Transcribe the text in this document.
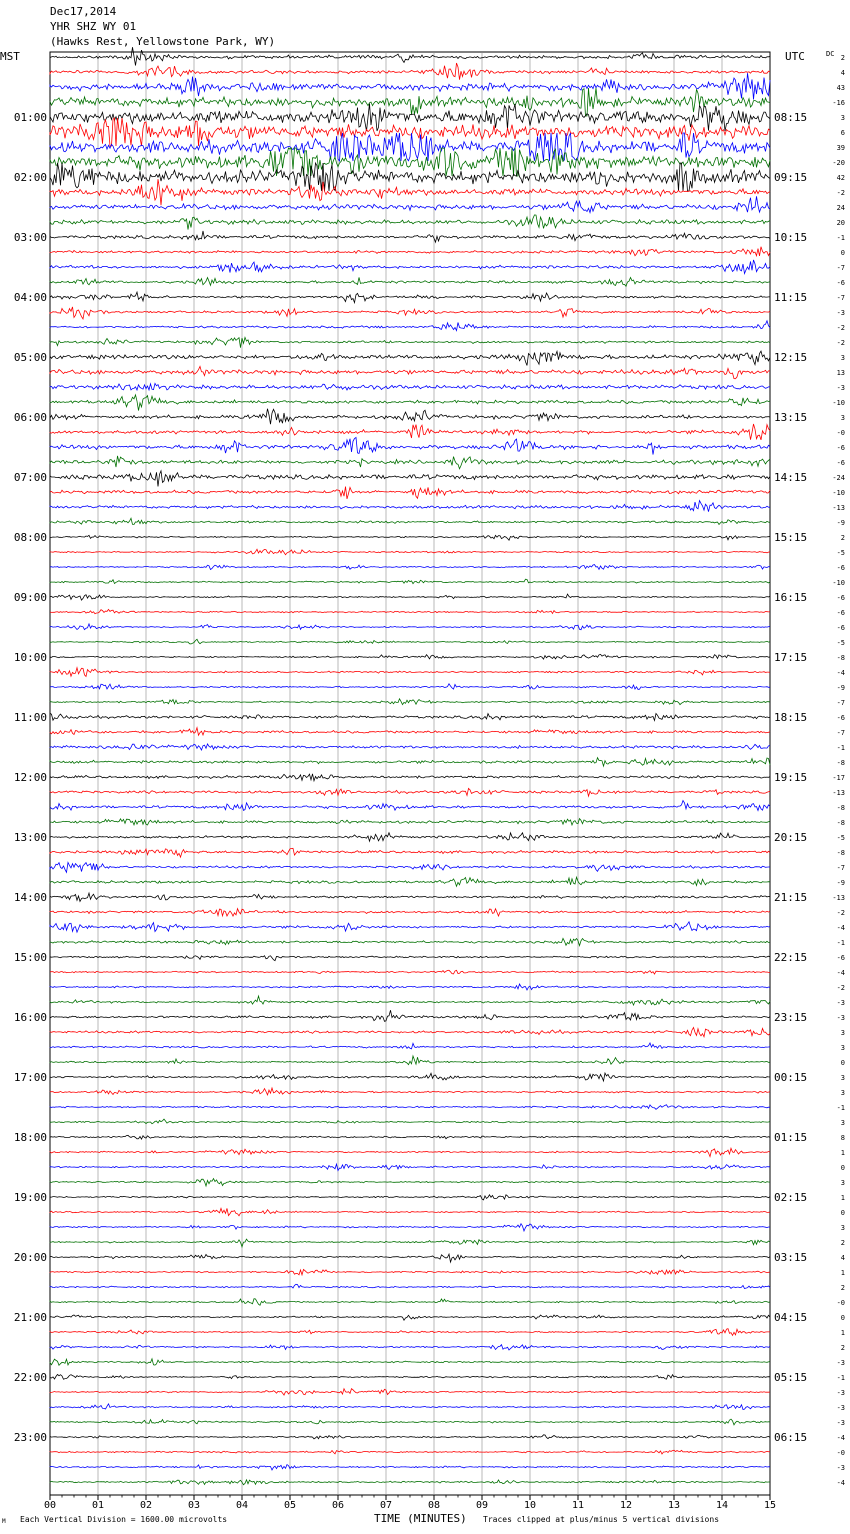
00	01	02	03	04	05	06	07	08	09	10	11	12	13	14	15
2
4
43
-16
3
6
39
-20
42
-2
24
20
-1
0
-7
-6
-7
-3
-2
-2
3
13
-3
-10
3
-0
-6
-6
-24
-10
-13
-9
2
-5
-6
-10
-6
-6
-6
-5
-8
-4
-9
-7
-6
-7
-1
-8
-17
-13
-8
-8
-5
-8
-7
-9
-13
-2
-4
-1
-6
-4
-2
-3
-3
3
3
0
3
3
-1
3
8
1
0
3
1
0
3
2
4
1
2
-0
0
1
2
-3
-1
-3
-3
-3
-4
-0
-3
-4
01:00
02:00
03:00
04:00
05:00
06:00
07:00
08:00
09:00
10:00
11:00
12:00
13:00
14:00
15:00
16:00
17:00
18:00
19:00
20:00
21:00
22:00
23:00
08:15
09:15
10:15
11:15
12:15
13:15
14:15
15:15
16:15
17:15
18:15
19:15
20:15
21:15
22:15
23:15
00:15
01:15
02:15
03:15
04:15
05:15
06:15
Dec17,2014
YHR SHZ WY 01
(Hawks Rest, Yellowstone Park, WY)
MST	UTC	DC
M Each Vertical Division = 1600.00 microvolts	TIME (MINUTES) Traces clipped at plus/minus 5 vertical divisions
